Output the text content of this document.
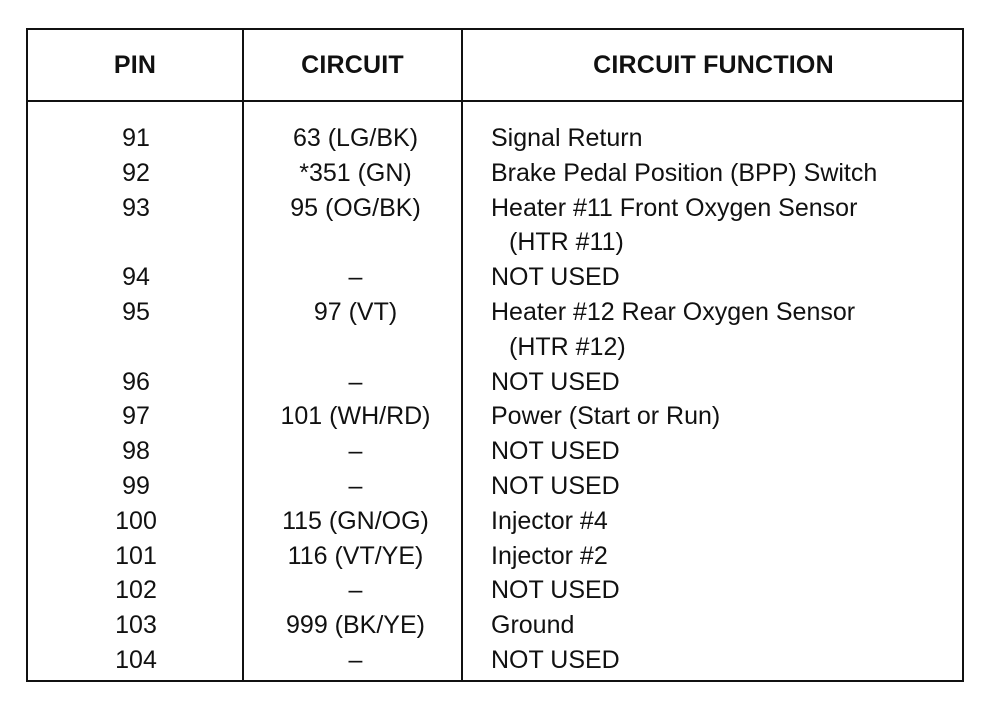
PIN	CIRCUIT	CIRCUIT FUNCTION
91	63 (LG/BK)	Signal Return
92	*351 (GN)	Brake Pedal Position (BPP) Switch
93	95 (OG/BK)	Heater #11 Front Oxygen Sensor
(HTR #11)
94	–	NOT USED
95	97 (VT)	Heater #12 Rear Oxygen Sensor
(HTR #12)
96	–	NOT USED
97	101 (WH/RD)	Power (Start or Run)
98	–	NOT USED
99	–	NOT USED
100	115 (GN/OG)	Injector #4
101	116 (VT/YE)	Injector #2
102	–	NOT USED
103	999 (BK/YE)	Ground
104	–	NOT USED
